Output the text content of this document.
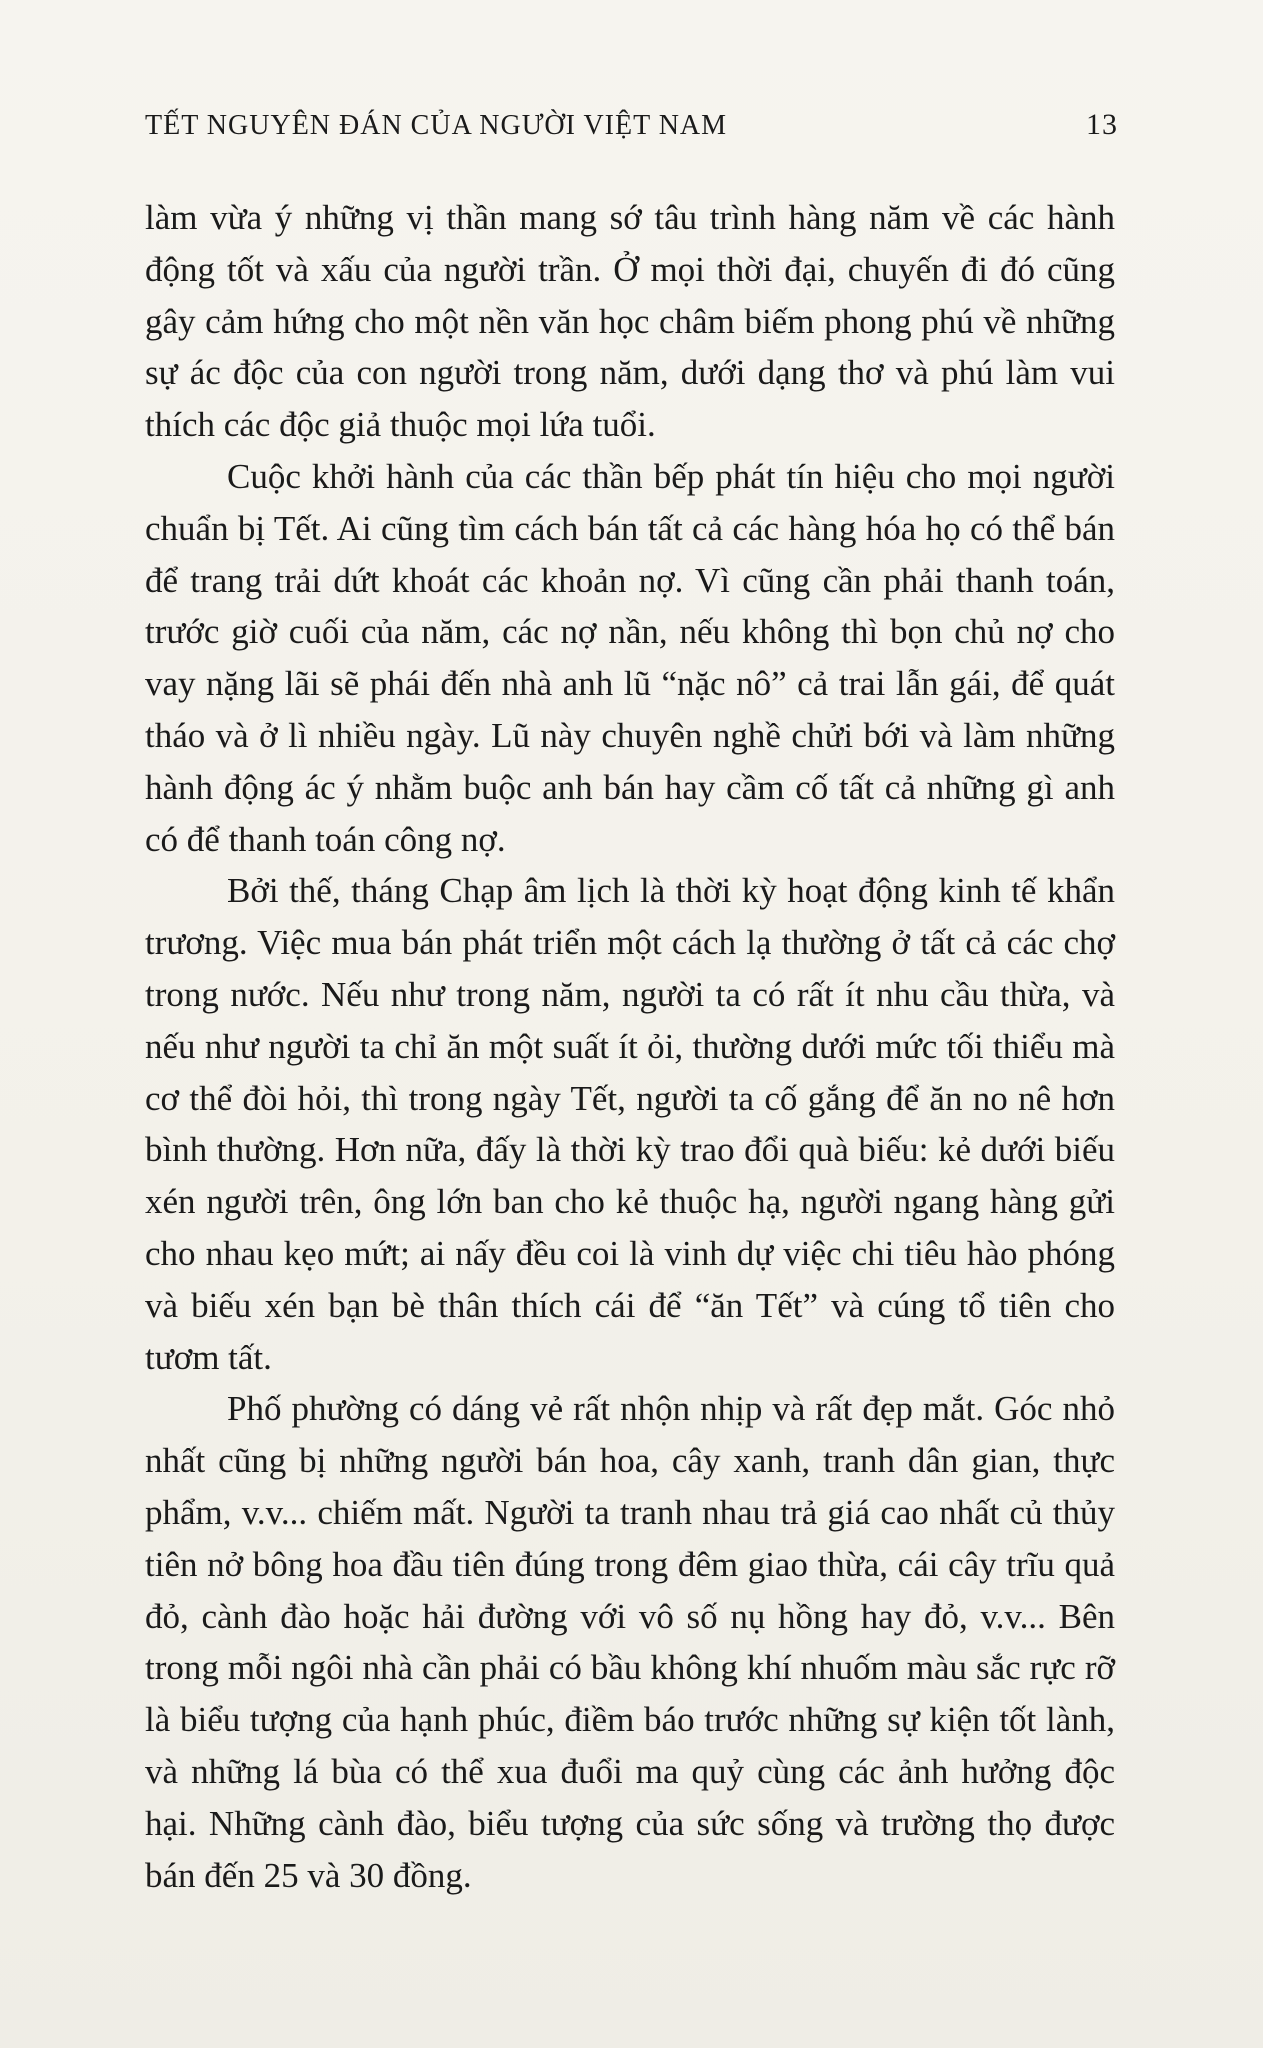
TẾT NGUYÊN ĐÁN CỦA NGƯỜI VIỆT NAM	13

làm vừa ý những vị thần mang sớ tâu trình hàng năm về các hành động tốt và xấu của người trần. Ở mọi thời đại, chuyến đi đó cũng gây cảm hứng cho một nền văn học châm biếm phong phú về những sự ác độc của con người trong năm, dưới dạng thơ và phú làm vui thích các độc giả thuộc mọi lứa tuổi.

Cuộc khởi hành của các thần bếp phát tín hiệu cho mọi người chuẩn bị Tết. Ai cũng tìm cách bán tất cả các hàng hóa họ có thể bán để trang trải dứt khoát các khoản nợ. Vì cũng cần phải thanh toán, trước giờ cuối của năm, các nợ nần, nếu không thì bọn chủ nợ cho vay nặng lãi sẽ phái đến nhà anh lũ “nặc nô” cả trai lẫn gái, để quát tháo và ở lì nhiều ngày. Lũ này chuyên nghề chửi bới và làm những hành động ác ý nhằm buộc anh bán hay cầm cố tất cả những gì anh có để thanh toán công nợ.

Bởi thế, tháng Chạp âm lịch là thời kỳ hoạt động kinh tế khẩn trương. Việc mua bán phát triển một cách lạ thường ở tất cả các chợ trong nước. Nếu như trong năm, người ta có rất ít nhu cầu thừa, và nếu như người ta chỉ ăn một suất ít ỏi, thường dưới mức tối thiểu mà cơ thể đòi hỏi, thì trong ngày Tết, người ta cố gắng để ăn no nê hơn bình thường. Hơn nữa, đấy là thời kỳ trao đổi quà biếu: kẻ dưới biếu xén người trên, ông lớn ban cho kẻ thuộc hạ, người ngang hàng gửi cho nhau kẹo mứt; ai nấy đều coi là vinh dự việc chi tiêu hào phóng và biếu xén bạn bè thân thích cái để “ăn Tết” và cúng tổ tiên cho tươm tất.

Phố phường có dáng vẻ rất nhộn nhịp và rất đẹp mắt. Góc nhỏ nhất cũng bị những người bán hoa, cây xanh, tranh dân gian, thực phẩm, v.v... chiếm mất. Người ta tranh nhau trả giá cao nhất củ thủy tiên nở bông hoa đầu tiên đúng trong đêm giao thừa, cái cây trĩu quả đỏ, cành đào hoặc hải đường với vô số nụ hồng hay đỏ, v.v... Bên trong mỗi ngôi nhà cần phải có bầu không khí nhuốm màu sắc rực rỡ là biểu tượng của hạnh phúc, điềm báo trước những sự kiện tốt lành, và những lá bùa có thể xua đuổi ma quỷ cùng các ảnh hưởng độc hại. Những cành đào, biểu tượng của sức sống và trường thọ được bán đến 25 và 30 đồng.
